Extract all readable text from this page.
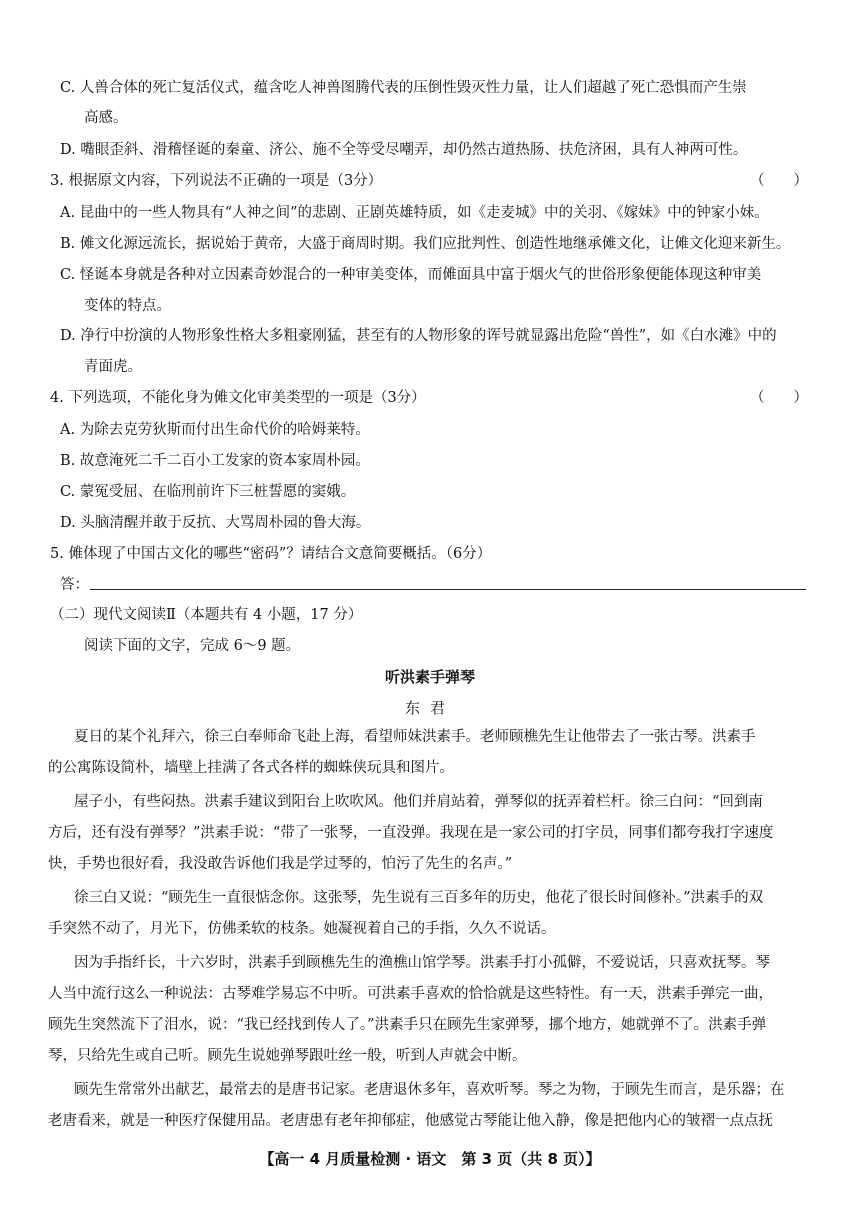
C. 人兽合体的死亡复活仪式，蕴含吃人神兽图腾代表的压倒性毁灭性力量，让人们超越了死亡恐惧而产生崇
高感。
D. 嘴眼歪斜、滑稽怪诞的秦童、济公、施不全等受尽嘲弄，却仍然古道热肠、扶危济困，具有人神两可性。
3. 根据原文内容，下列说法不正确的一项是（3分）	（　　）
A. 昆曲中的一些人物具有“人神之间”的悲剧、正剧英雄特质，如《走麦城》中的关羽、《嫁妹》中的钟家小妹。
B. 傩文化源远流长，据说始于黄帝，大盛于商周时期。我们应批判性、创造性地继承傩文化，让傩文化迎来新生。
C. 怪诞本身就是各种对立因素奇妙混合的一种审美变体，而傩面具中富于烟火气的世俗形象便能体现这种审美
变体的特点。
D. 净行中扮演的人物形象性格大多粗豪刚猛，甚至有的人物形象的诨号就显露出危险“兽性”，如《白水滩》中的
青面虎。
4. 下列选项，不能化身为傩文化审美类型的一项是（3分）	（　　）
A. 为除去克劳狄斯而付出生命代价的哈姆莱特。
B. 故意淹死二千二百小工发家的资本家周朴园。
C. 蒙冤受屈、在临刑前许下三桩誓愿的窦娥。
D. 头脑清醒并敢于反抗、大骂周朴园的鲁大海。
5. 傩体现了中国古文化的哪些“密码”？请结合文意简要概括。（6分）
答：
（二）现代文阅读Ⅱ（本题共有 4 小题，17 分）
阅读下面的文字，完成 6～9 题。
听洪素手弹琴
东君
夏日的某个礼拜六，徐三白奉师命飞赴上海，看望师妹洪素手。老师顾樵先生让他带去了一张古琴。洪素手
的公寓陈设简朴，墙壁上挂满了各式各样的蜘蛛侠玩具和图片。
屋子小，有些闷热。洪素手建议到阳台上吹吹风。他们并肩站着，弹琴似的抚弄着栏杆。徐三白问：“回到南
方后，还有没有弹琴？”洪素手说：“带了一张琴，一直没弹。我现在是一家公司的打字员，同事们都夸我打字速度
快，手势也很好看，我没敢告诉他们我是学过琴的，怕污了先生的名声。”
徐三白又说：“顾先生一直很惦念你。这张琴，先生说有三百多年的历史，他花了很长时间修补。”洪素手的双
手突然不动了，月光下，仿佛柔软的枝条。她凝视着自己的手指，久久不说话。
因为手指纤长，十六岁时，洪素手到顾樵先生的渔樵山馆学琴。洪素手打小孤僻，不爱说话，只喜欢抚琴。琴
人当中流行这么一种说法：古琴难学易忘不中听。可洪素手喜欢的恰恰就是这些特性。有一天，洪素手弹完一曲，
顾先生突然流下了泪水，说：“我已经找到传人了。”洪素手只在顾先生家弹琴，挪个地方，她就弹不了。洪素手弹
琴，只给先生或自己听。顾先生说她弹琴跟吐丝一般，听到人声就会中断。
顾先生常常外出献艺，最常去的是唐书记家。老唐退休多年，喜欢听琴。琴之为物，于顾先生而言，是乐器；在
老唐看来，就是一种医疗保健用品。老唐患有老年抑郁症，他感觉古琴能让他入静，像是把他内心的皱褶一点点抚
【高一 4 月质量检测 · 语文　第 3 页（共 8 页）】
